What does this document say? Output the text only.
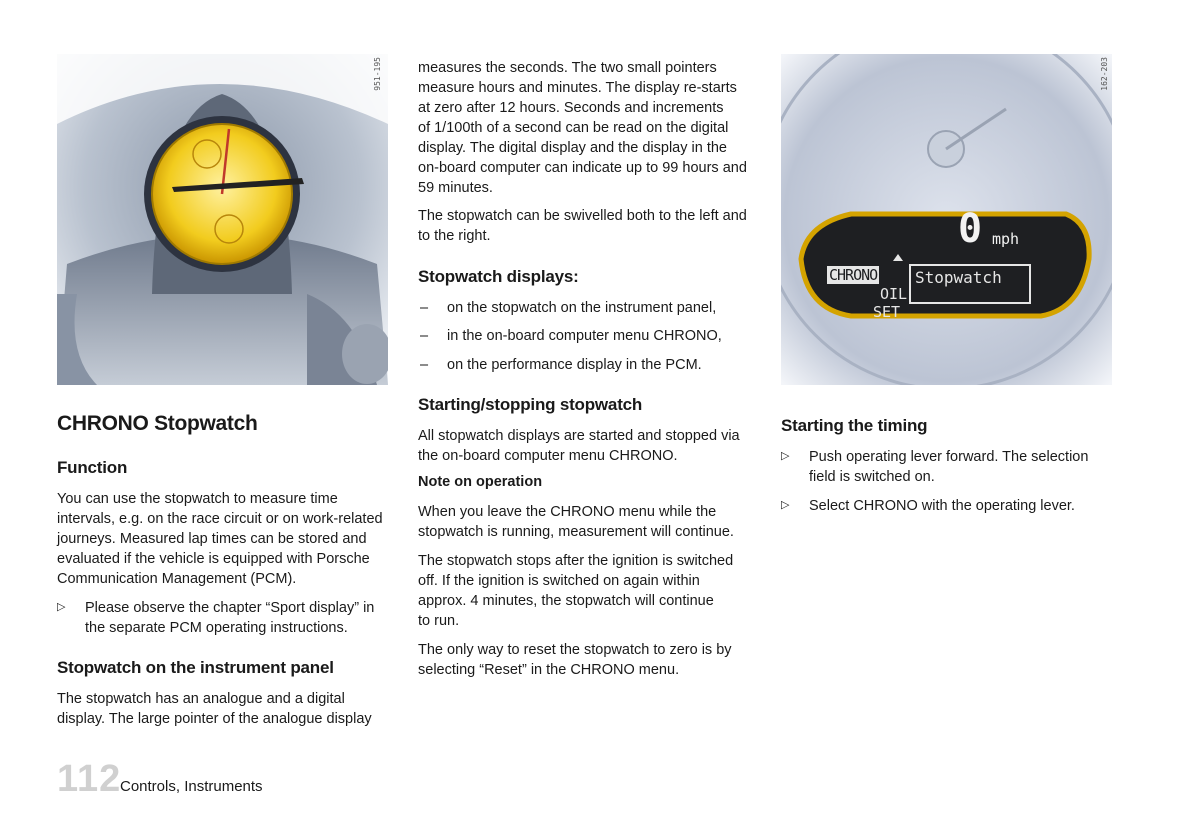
951-195
0 mph
CHRONO
OIL
SET
Stopwatch
162-203
CHRONO Stopwatch
Function
You can use the stopwatch to measure time
intervals, e.g. on the race circuit or on work-related
journeys. Measured lap times can be stored and
evaluated if the vehicle is equipped with Porsche
Communication Management (PCM).
▷ Please observe the chapter “Sport display” in
the separate PCM operating instructions.
Stopwatch on the instrument panel
The stopwatch has an analogue and a digital
display. The large pointer of the analogue display
measures the seconds. The two small pointers
measure hours and minutes. The display re-starts
at zero after 12 hours. Seconds and increments
of 1/100th of a second can be read on the digital
display. The digital display and the display in the
on-board computer can indicate up to 99 hours and
59 minutes.
The stopwatch can be swivelled both to the left and
to the right.
Stopwatch displays:
– on the stopwatch on the instrument panel,
– in the on-board computer menu CHRONO,
– on the performance display in the PCM.
Starting/stopping stopwatch
All stopwatch displays are started and stopped via
the on-board computer menu CHRONO.
Note on operation
When you leave the CHRONO menu while the
stopwatch is running, measurement will continue.
The stopwatch stops after the ignition is switched
off. If the ignition is switched on again within
approx. 4 minutes, the stopwatch will continue
to run.
The only way to reset the stopwatch to zero is by
selecting “Reset” in the CHRONO menu.
Starting the timing
▷ Push operating lever forward. The selection
field is switched on.
▷ Select CHRONO with the operating lever.
112
Controls, Instruments
